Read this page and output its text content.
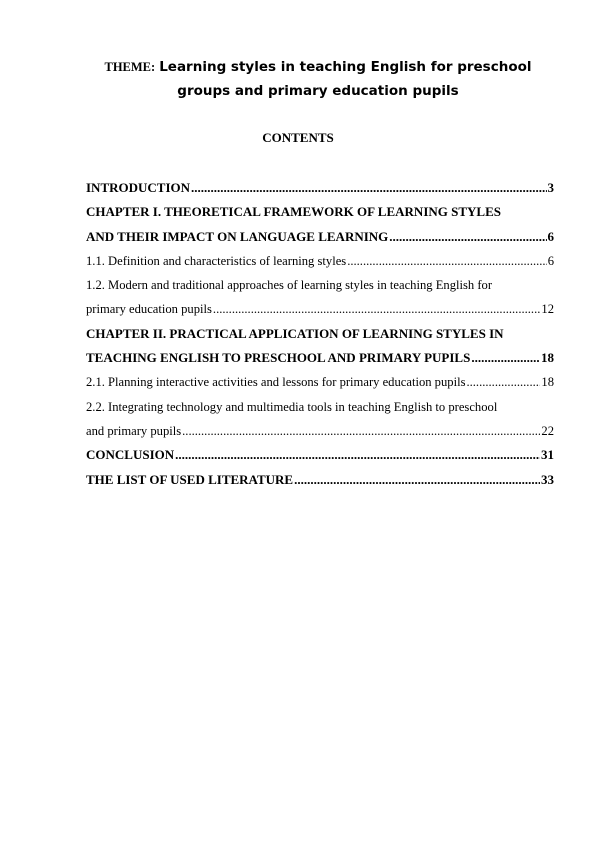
THEME: Learning styles in teaching English for preschool
groups and primary education pupils
CONTENTS
INTRODUCTION .....	3
CHAPTER I. THEORETICAL FRAMEWORK OF LEARNING STYLES
AND THEIR IMPACT ON LANGUAGE LEARNING .....	6
1.1. Definition and characteristics of learning styles .....	6
1.2. Modern and traditional approaches of learning styles in teaching English for
primary education pupils .....	12
CHAPTER II. PRACTICAL APPLICATION OF LEARNING STYLES IN
TEACHING ENGLISH TO PRESCHOOL AND PRIMARY PUPILS .....	18
2.1. Planning interactive activities and lessons for primary education pupils .....	18
2.2. Integrating technology and multimedia tools in teaching English to preschool
and primary pupils .....	22
CONCLUSION .....	31
THE LIST OF USED LITERATURE .....	33
